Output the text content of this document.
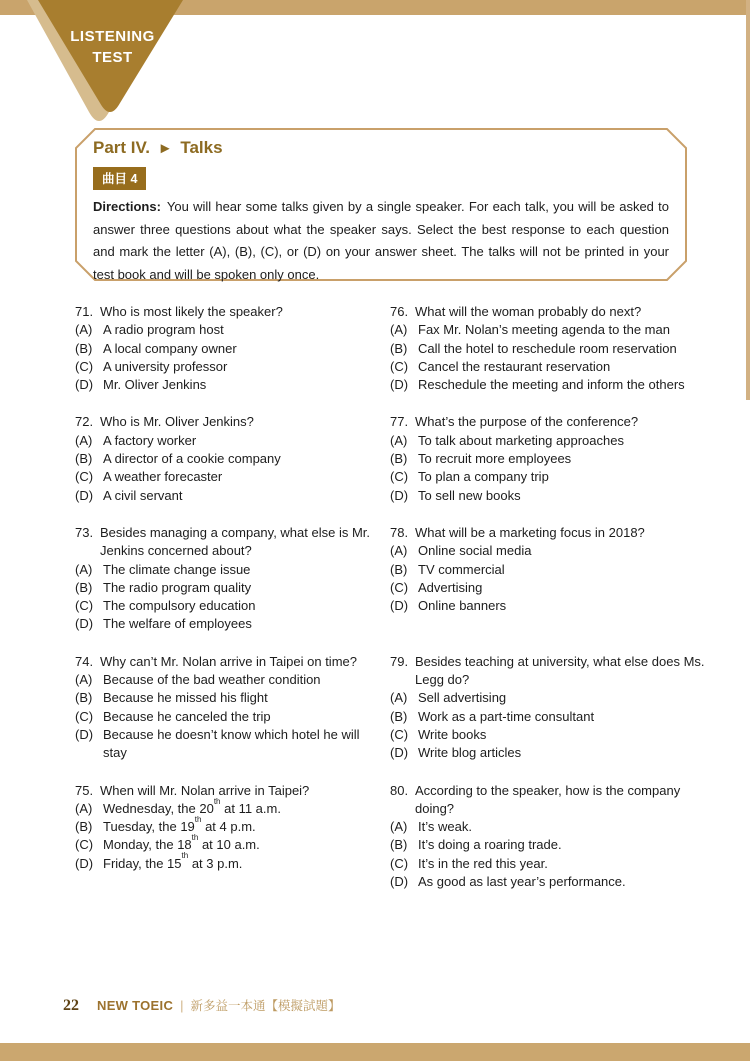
LISTENING
TEST
Part IV. ► Talks
曲目 4

Directions: You will hear some talks given by a single speaker. For each talk, you will be asked to answer three questions about what the speaker says. Select the best response to each question and mark the letter (A), (B), (C), or (D) on your answer sheet. The talks will not be printed in your test book and will be spoken only once.

71. Who is most likely the speaker?
(A) A radio program host
(B) A local company owner
(C) A university professor
(D) Mr. Oliver Jenkins
72. Who is Mr. Oliver Jenkins?
(A) A factory worker
(B) A director of a cookie company
(C) A weather forecaster
(D) A civil servant
73. Besides managing a company, what else is Mr. Jenkins concerned about?
(A) The climate change issue
(B) The radio program quality
(C) The compulsory education
(D) The welfare of employees
74. Why can’t Mr. Nolan arrive in Taipei on time?
(A) Because of the bad weather condition
(B) Because he missed his flight
(C) Because he canceled the trip
(D) Because he doesn’t know which hotel he will stay
75. When will Mr. Nolan arrive in Taipei?
(A) Wednesday, the 20th at 11 a.m.
(B) Tuesday, the 19th at 4 p.m.
(C) Monday, the 18th at 10 a.m.
(D) Friday, the 15th at 3 p.m.
76. What will the woman probably do next?
(A) Fax Mr. Nolan’s meeting agenda to the man
(B) Call the hotel to reschedule room reservation
(C) Cancel the restaurant reservation
(D) Reschedule the meeting and inform the others
77. What’s the purpose of the conference?
(A) To talk about marketing approaches
(B) To recruit more employees
(C) To plan a company trip
(D) To sell new books
78. What will be a marketing focus in 2018?
(A) Online social media
(B) TV commercial
(C) Advertising
(D) Online banners
79. Besides teaching at university, what else does Ms. Legg do?
(A) Sell advertising
(B) Work as a part-time consultant
(C) Write books
(D) Write blog articles
80. According to the speaker, how is the company doing?
(A) It’s weak.
(B) It’s doing a roaring trade.
(C) It’s in the red this year.
(D) As good as last year’s performance.
22 NEW TOEIC | 新多益一本通【模擬試題】
